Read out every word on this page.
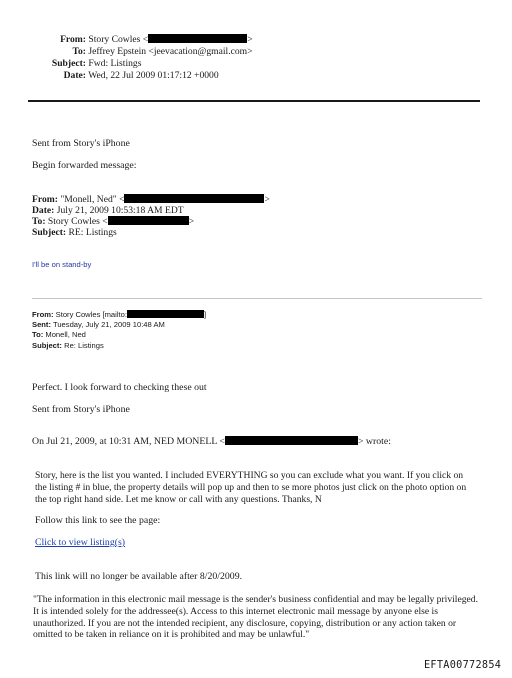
From: Story Cowles <	>
To: Jeffrey Epstein <jeevacation@gmail.com>
Subject: Fwd: Listings
Date: Wed, 22 Jul 2009 01:17:12 +0000
Sent from Story's iPhone
Begin forwarded message:
From: "Monell, Ned" <	>
Date: July 21, 2009 10:53:18 AM EDT
To: Story Cowles <	>
Subject: RE: Listings
I'll be on stand-by
From: Story Cowles [mailto:	]
Sent: Tuesday, July 21, 2009 10:48 AM
To: Monell, Ned
Subject: Re: Listings
Perfect. I look forward to checking these out
Sent from Story's iPhone
On Jul 21, 2009, at 10:31 AM, NED MONELL <	> wrote:
Story, here is the list you wanted. I included EVERYTHING so you can exclude what you want. If you click on the listing # in blue, the property details will pop up and then to se more photos just click on the photo option on the top right hand side. Let me know or call with any questions. Thanks, N
Follow this link to see the page:
Click to view listing(s)
This link will no longer be available after 8/20/2009.
"The information in this electronic mail message is the sender's business confidential and may be legally privileged. It is intended solely for the addressee(s). Access to this internet electronic mail message by anyone else is unauthorized. If you are not the intended recipient, any disclosure, copying, distribution or any action taken or omitted to be taken in reliance on it is prohibited and may be unlawful."
EFTA00772854
